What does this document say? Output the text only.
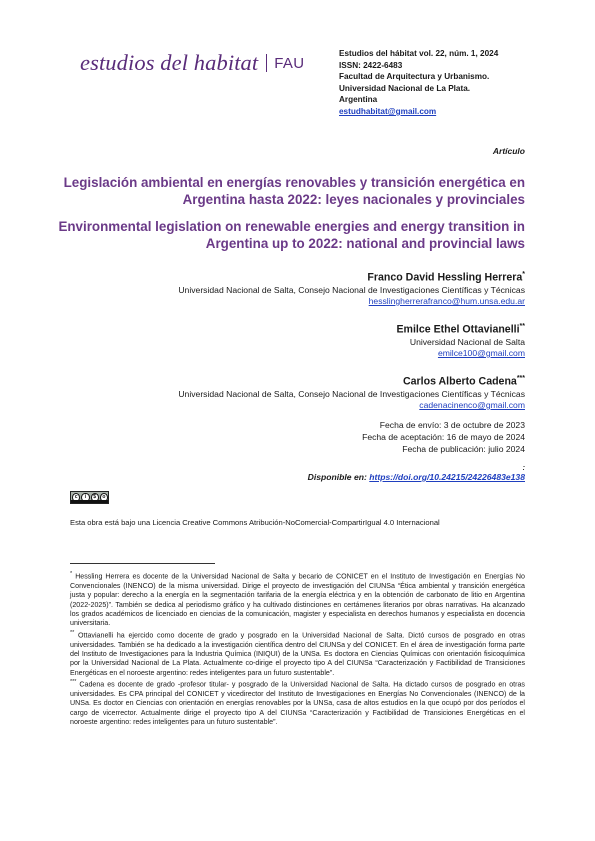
estudios del habitat FAU
Estudios del hábitat vol. 22, núm. 1, 2024
ISSN: 2422-6483
Facultad de Arquitectura y Urbanismo.
Universidad Nacional de La Plata.
Argentina
estudhabitat@gmail.com
Artículo
Legislación ambiental en energías renovables y transición energética en Argentina hasta 2022: leyes nacionales y provinciales
Environmental legislation on renewable energies and energy transition in Argentina up to 2022: national and provincial laws
Franco David Hessling Herrera*
Universidad Nacional de Salta, Consejo Nacional de Investigaciones Científicas y Técnicas
hesslingherrerafranco@hum.unsa.edu.ar
Emilce Ethel Ottavianelli**
Universidad Nacional de Salta
emilce100@gmail.com
Carlos Alberto Cadena***
Universidad Nacional de Salta, Consejo Nacional de Investigaciones Científicas y Técnicas
cadenacinenco@gmail.com
Fecha de envío: 3 de octubre de 2023
Fecha de aceptación: 16 de mayo de 2024
Fecha de publicación: julio 2024
:
Disponible en: https://doi.org/10.24215/24226483e138
c	i	$	o
Esta obra está bajo una Licencia Creative Commons Atribución-NoComercial-CompartirIgual 4.0 Internacional

* Hessling Herrera es docente de la Universidad Nacional de Salta y becario de CONICET en el Instituto de Investigación en Energías No Convencionales (INENCO) de la misma universidad. Dirige el proyecto de investigación del CIUNSa “Ética ambiental y transición energética justa y popular: derecho a la energía en la segmentación tarifaria de la energía eléctrica y en la obtención de carbonato de litio en Argentina (2022-2025)”. También se dedica al periodismo gráfico y ha cultivado distinciones en certámenes literarios por obras narrativas. Ha alcanzado los grados académicos de licenciado en ciencias de la comunicación, magister y especialista en derechos humanos y especialista en docencia universitaria.

** Ottavianelli ha ejercido como docente de grado y posgrado en la Universidad Nacional de Salta. Dictó cursos de posgrado en otras universidades. También se ha dedicado a la investigación científica dentro del CIUNSa y del CONICET. En el área de investigación forma parte del Instituto de Investigaciones para la Industria Química (INIQUI) de la UNSa. Es doctora en Ciencias Químicas con orientación fisicoquímica por la Universidad Nacional de La Plata. Actualmente co-dirige el proyecto tipo A del CIUNSa “Caracterización y Factibilidad de Transiciones Energéticas en el noroeste argentino: redes inteligentes para un futuro sustentable”.

*** Cadena es docente de grado -profesor titular- y posgrado de la Universidad Nacional de Salta. Ha dictado cursos de posgrado en otras universidades. Es CPA principal del CONICET y vicedirector del Instituto de Investigaciones en Energías No Convencionales (INENCO) de la UNSa. Es doctor en Ciencias con orientación en energías renovables por la UNSa, casa de altos estudios en la que ocupó por dos períodos el cargo de vicerrector. Actualmente dirige el proyecto tipo A del CIUNSa “Caracterización y Factibilidad de Transiciones Energéticas en el noroeste argentino: redes inteligentes para un futuro sustentable”.
